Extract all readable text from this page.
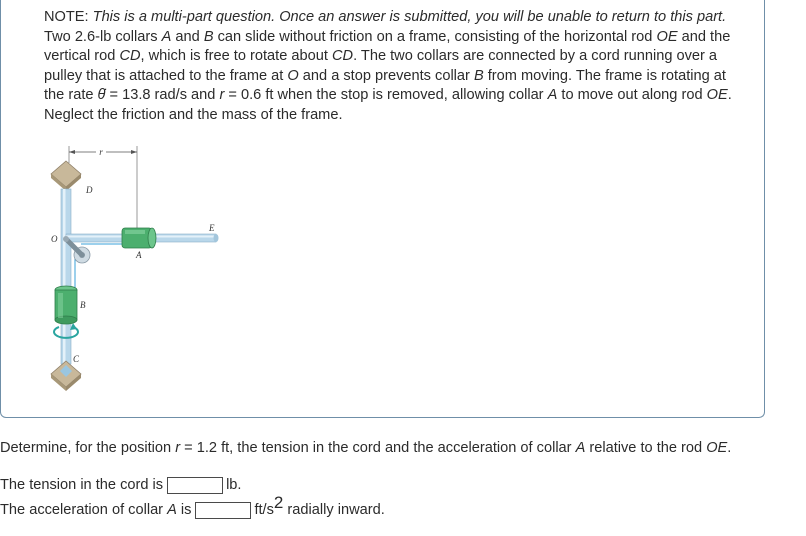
NOTE: This is a multi-part question. Once an answer is submitted, you will be unable to return to this part.

Two 2.6-lb collars A and B can slide without friction on a frame, consisting of the horizontal rod OE and the vertical rod CD, which is free to rotate about CD. The two collars are connected by a cord running over a pulley that is attached to the frame at O and a stop prevents collar B from moving. The frame is rotating at the rate θ̇ = 13.8 rad/s and r = 0.6 ft when the stop is removed, allowing collar A to move out along rod OE. Neglect the friction and the mass of the frame.

r
D
E
O
A
B
C
Determine, for the position r = 1.2 ft, the tension in the cord and the acceleration of collar A relative to the rod OE.
The tension in the cord is	lb.
The acceleration of collar A is	$ft/s^2$ radially inward.
